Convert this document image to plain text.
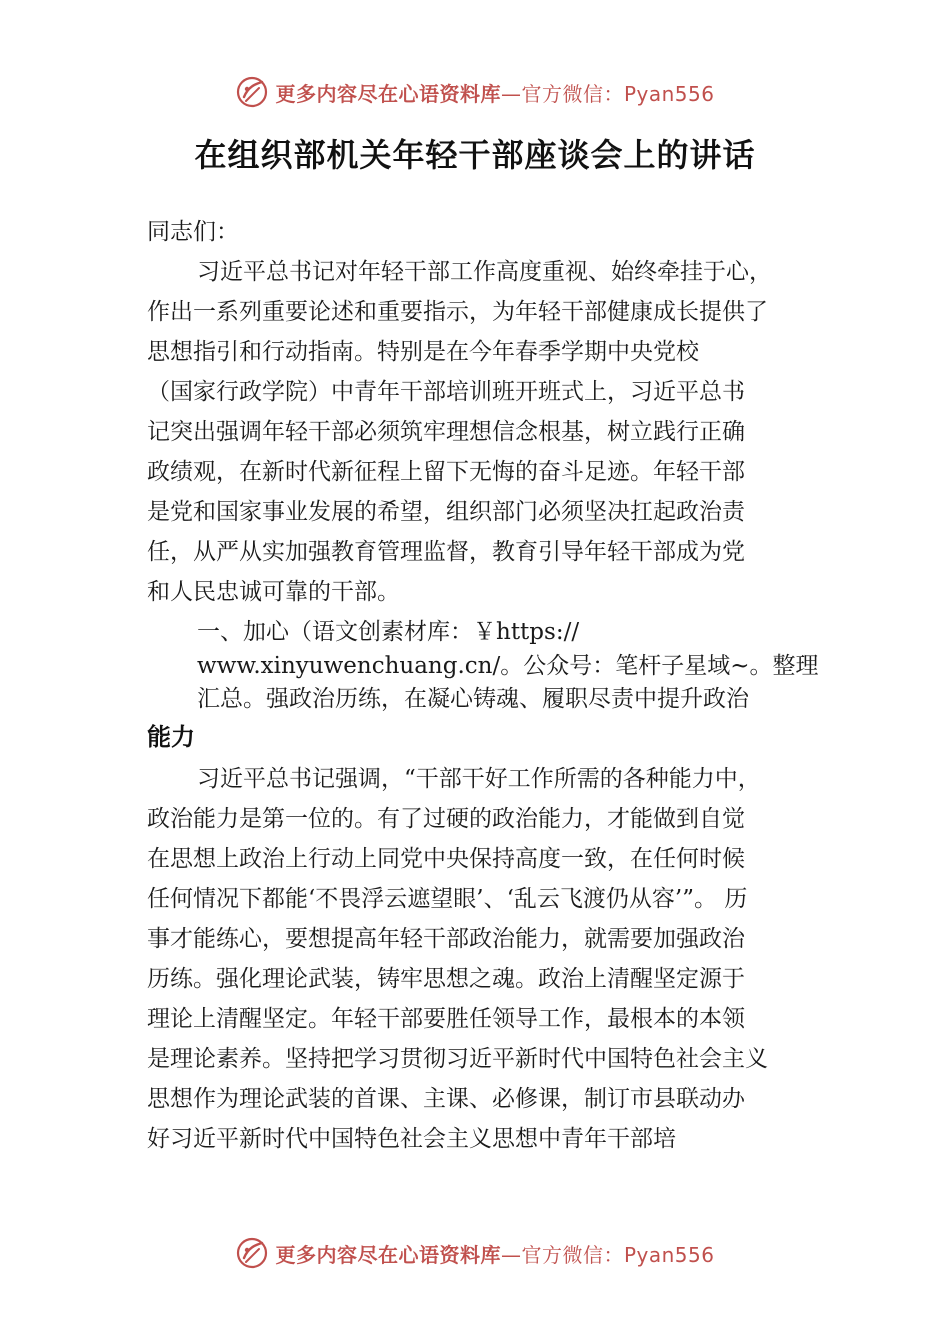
更多内容尽在心语资料库—官方微信：Pyan556
在组织部机关年轻干部座谈会上的讲话
同志们：
习近平总书记对年轻干部工作高度重视、始终牵挂于心，
作出一系列重要论述和重要指示，为年轻干部健康成长提供了
思想指引和行动指南。特别是在今年春季学期中央党校
（国家行政学院）中青年干部培训班开班式上，习近平总书
记突出强调年轻干部必须筑牢理想信念根基，树立践行正确
政绩观，在新时代新征程上留下无悔的奋斗足迹。年轻干部
是党和国家事业发展的希望，组织部门必须坚决扛起政治责
任，从严从实加强教育管理监督，教育引导年轻干部成为党
和人民忠诚可靠的干部。
一、加心（语文创素材库：￥https://
www.xinyuwenchuang.cn/。公众号：笔杆子星域~。整理
汇总。强政治历练，在凝心铸魂、履职尽责中提升政治
能力
习近平总书记强调，“干部干好工作所需的各种能力中，
政治能力是第一位的。有了过硬的政治能力，才能做到自觉
在思想上政治上行动上同党中央保持高度一致，在任何时候
任何情况下都能‘不畏浮云遮望眼’、‘乱云飞渡仍从容’”。 历
事才能练心，要想提高年轻干部政治能力，就需要加强政治
历练。强化理论武装，铸牢思想之魂。政治上清醒坚定源于
理论上清醒坚定。年轻干部要胜任领导工作，最根本的本领
是理论素养。坚持把学习贯彻习近平新时代中国特色社会主义
思想作为理论武装的首课、主课、必修课，制订市县联动办
好习近平新时代中国特色社会主义思想中青年干部培
更多内容尽在心语资料库—官方微信：Pyan556
